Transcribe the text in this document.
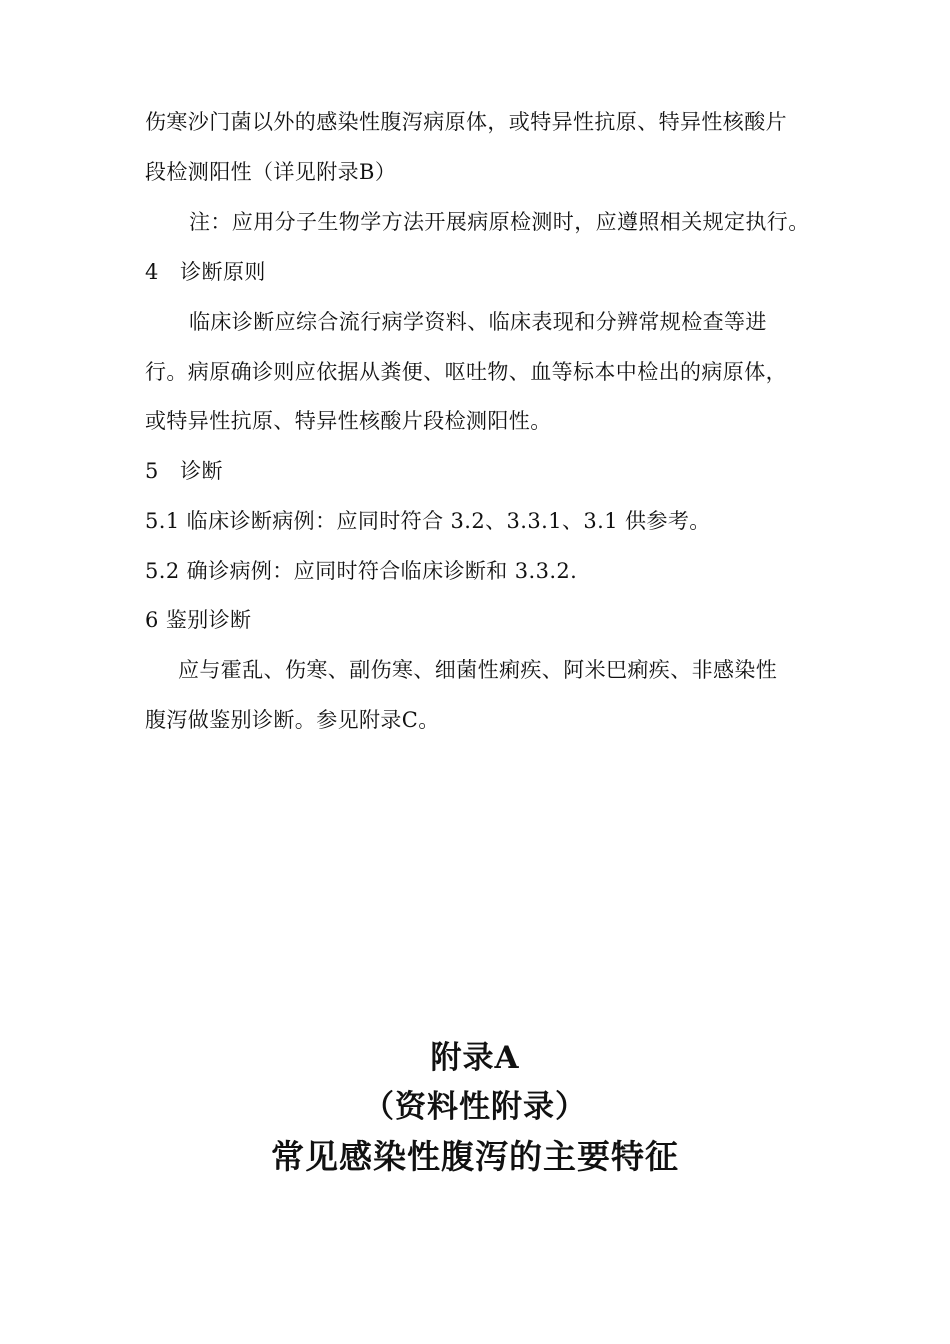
伤寒沙门菌以外的感染性腹泻病原体，或特异性抗原、特异性核酸片
段检测阳性（详见附录B）
注：应用分子生物学方法开展病原检测时，应遵照相关规定执行。
4　诊断原则
临床诊断应综合流行病学资料、临床表现和分辨常规检查等进
行。病原确诊则应依据从粪便、呕吐物、血等标本中检出的病原体，
或特异性抗原、特异性核酸片段检测阳性。
5　诊断
5.1 临床诊断病例：应同时符合 3.2、3.3.1、3.1 供参考。
5.2 确诊病例：应同时符合临床诊断和 3.3.2.
6 鉴别诊断
应与霍乱、伤寒、副伤寒、细菌性痢疾、阿米巴痢疾、非感染性
腹泻做鉴别诊断。参见附录C。
附录A
（资料性附录）
常见感染性腹泻的主要特征
